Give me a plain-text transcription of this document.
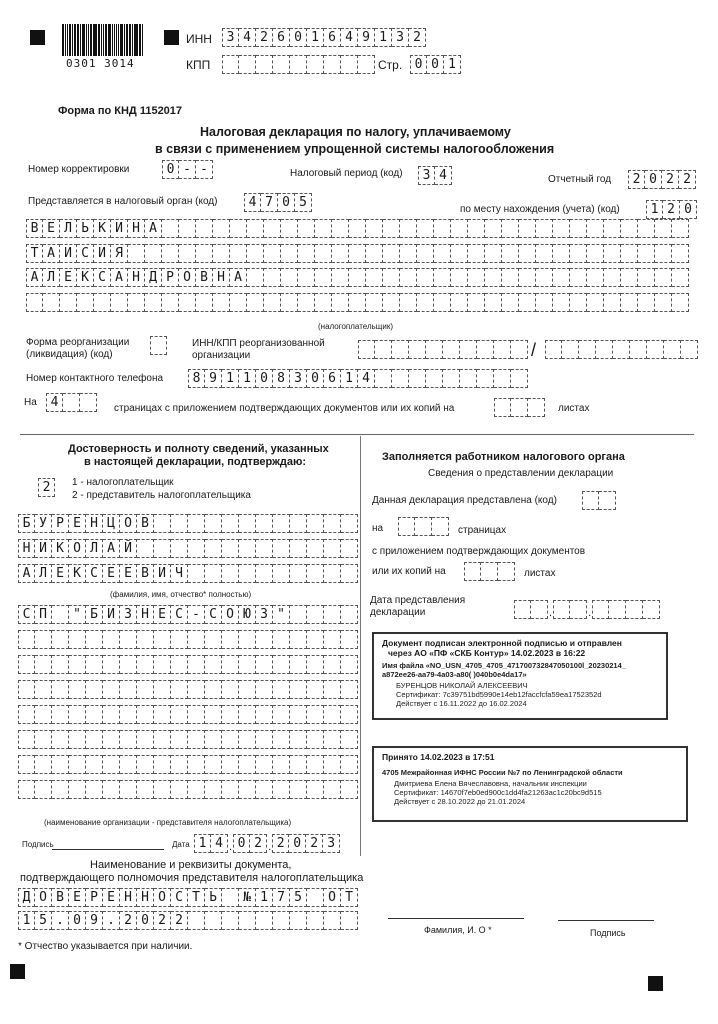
0301 3014
ИНН	3 4 2 6 0 1 6 4 9 1 3 2
КПП	Стр. 0 0 1
Форма по КНД 1152017
Налоговая декларация по налогу, уплачиваемому
в связи с применением упрощенной системы налогообложения
Номер корректировки	0 - -	Налоговый период (код)	3 4	Отчетный год	2 0 2 2
Представляется в налоговый орган (код)	4 7 0 5	по месту нахождения (учета) (код)	1 2 0
В Е Л Ь К И Н А
Т А И С И Я
А Л Е К С А Н Д Р О В Н А
(налогоплательщик)
Форма реорганизации
(ликвидация) (код)
ИНН/КПП реорганизованной
организации	/
Номер контактного телефона	8 9 1 1 0 8 3 0 6 1 4
На	4	страницах с приложением подтверждающих документов или их копий на	листах
Достоверность и полноту сведений, указанных
в настоящей декларации, подтверждаю:
2	1 - налогоплательщик
2 - представитель налогоплательщика
Б У Р Е Н Ц О В
Н И К О Л А Й
А Л Е К С Е Е В И Ч
(фамилия, имя, отчество* полностью)
С П	" Б И З Н Е С - С О Ю З "
(наименование организации - представителя налогоплательщика)
Подпись	Дата 1 4 . 0 2 . 2 0 2 3
Наименование и реквизиты документа,
подтверждающего полномочия представителя налогоплательщика
Д О В Е Р Е Н Н О С Т Ь	№ 1 7 5	О Т
1 5 . 0 9 . 2 0 2 2
* Отчество указывается при наличии.
Заполняется работником налогового органа
Сведения о представлении декларации
Данная декларация представлена (код)
на	страницах
с приложением подтверждающих документов
или их копий на	листах
Дата представления
декларации	.	.
Документ подписан электронной подписью и отправлен
через АО «ПФ «СКБ Контур» 14.02.2023 в 16:22
Имя файла «NO_USN_4705_4705_471700732847050100l_20230214_
a872ee26-aa79-4a03-a80( )040b0e4da17»
БУРЕНЦОВ НИКОЛАЙ АЛЕКСЕЕВИЧ
Сертификат: 7c39751bd5990e14eb12faccfcfa59ea1752352d
Действует с 16.11.2022 до 16.02.2024
Принято 14.02.2023 в 17:51
4705 Межрайонная ИФНС России №7 по Ленинградской области
Дмитриева Елена Вячеславовна, начальник инспекции
Сертификат: 14670f7eb0ed900c1dd4fa21263ac1c20bc9d515
Действует с 28.10.2022 до 21.01.2024
Фамилия, И. О *	Подпись
